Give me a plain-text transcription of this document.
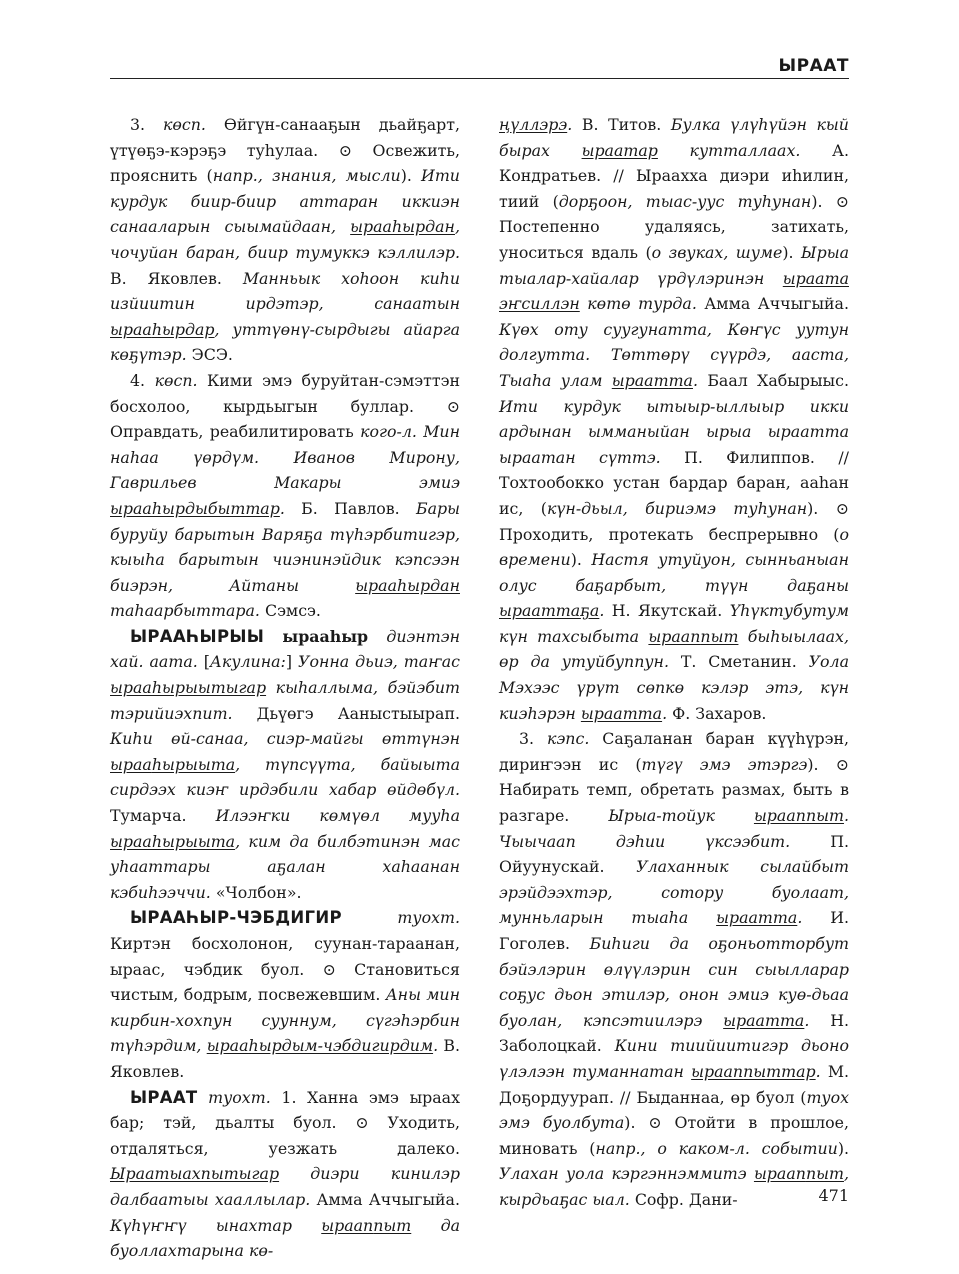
ЫРААТ

3. көсп. Өйгүн-санааҕын дьайҕарт, үтүөҕэ-кэрэҕэ туһулаа. ⊙ Освежить, прояснить (напр., знания, мысли). Ити курдук биир-биир аттаран иккиэн санааларын сыымайдаан, ырааһырдан, чочуйан баран, биир тумуккэ кэллилэр. В. Яковлев. Манньык хоһоон киһи изйиитин ирдэтэр, санаатын ырааһырдар, уттүөнү-сырдыгы айарга көҕүтэр. ЭСЭ.

4. көсп. Кими эмэ буруйтан-сэмэттэн босхолоо, кырдьыгын буллар. ⊙ Оправдать, реабилитировать кого-л. Мин наһаа үөрдүм. Иванов Мирону, Гаврильев Макары эмиэ ырааһырдыбыттар. Б. Павлов. Бары буруйу барытын Варяҕа түһэрбитигэр, кыыһа барытын чиэнинэйдик кэпсээн биэрэн, Айтаны ырааһырдан таһаарбыттара. Сэмсэ.

ЫРААҺЫРЫЫ ырааһыр диэнтэн хай. аата. [Акулина:] Уонна дьиэ, таҥас ырааһырыытыгар кыһаллыма, бэйэбит тэрийиэхпит. Дьүөгэ Ааныстыырап. Киһи өй-санаа, сиэр-майгы өттүнэн ырааһырыыта, түпсүүта, байыыта сирдээх киэҥ ирдэбили хабар өйдөбүл. Тумарча. Илээҥки көмүөл мууһа ырааһырыыта, ким да билбэтинэн мас уһааттары аҕалан хаһаанан кэбиһээччи. «Чолбон».

ЫРААҺЫР-ЧЭБДИГИР	туохт. Киртэн босхолонон, суунан-тараанан, ыраас, чэбдик буол. ⊙ Становиться чистым, бодрым, посвежевшим. Аны мин кирбин-хохпун сууннум, сүгэһэрбин түһэрдим, ырааһырдым-чэбдигирдим. В. Яковлев.

ЫРААТ туохт. 1. Ханна эмэ ыраах бар; тэй, дьалты буол. ⊙ Уходить, отдаляться, уезжать далеко. Ыраатыахпытыгар диэри кинилэр далбаатыы хааллылар. Амма Аччыгыйа. Күһүҥҥү ынахтар ырааппыт да буоллахтарына кө-

ңүллэрэ. В. Титов. Булка үлүһүйэн кый бырах ыраатар кутталлаах. А. Кондратьев. // Ыраахха диэри иһилин, тиий (дорҕоон, тыас-уус туһунан). ⊙ Постепенно удаляясь, затихать, уноситься вдаль (о звуках, шуме). Ырыа тыалар-хайалар үрдүлэринэн ыраата эҥсиллэн көтө турда. Амма Аччыгыйа. Күөх оту суугунатта, Көҥүс уутун долгутта. Төттөрү сүүрдэ, ааста, Тыаһа улам ыраатта. Баал Хабырыыс. Ити курдук ытыыр-ыллыыр икки ардынан ымманыйан ырыа ыраатта ыраатан сүттэ. П. Филиппов. // Тохтообокко устан бардар баран, ааһан ис, (күн-дьыл, бириэмэ туһунан). ⊙ Проходить, протекать беспрерывно (о времени). Настя утуйуон, сынньаныан олус баҕарбыт, түүн даҕаны ырааттаҕа. Н. Якутскай. Үһүктубутум күн тахсыбыта ырааппыт быһыылаах, өр да утуйбуппун. Т. Сметанин. Уола Мэхээс үрүт сөпкө кэлэр этэ, күн киэһэрэн ыраатта. Ф. Захаров.

3. кэпс. Саҕаланан баран күүһүрэн, дириҥээн ис (түгү эмэ этэргэ). ⊙ Набирать темп, обретать размах, быть в разгаре. Ырыа-тойук ырааппыт. Чыычаап дэһии үксээбит. П. Ойуунускай. Улаханнык сылайбыт эрэйдээхтэр, сотору буолаат, мунньларын тыаһа ыраатта. И. Гоголев. Биһиги да оҕоньотторбут бэйэлэрин өлүүлэрин син сыылларар соҕус дьон этилэр, онон эмиэ куө-дьаа буолан, кэпсэтиилэрэ ыраатта. Н. Заболоцкай. Кини тиийиитигэр дьоно үлэлээн туманнатан ырааппыттар. М. Доҕордуурап. // Быданнаа, өр буол (туох эмэ буолбута). ⊙ Отойти в прошлое, миновать (напр., о каком-л. событии). Улахан уола кэргэннэммитэ ырааппыт, кырдьаҕас ыал. Софр. Дани-	471
